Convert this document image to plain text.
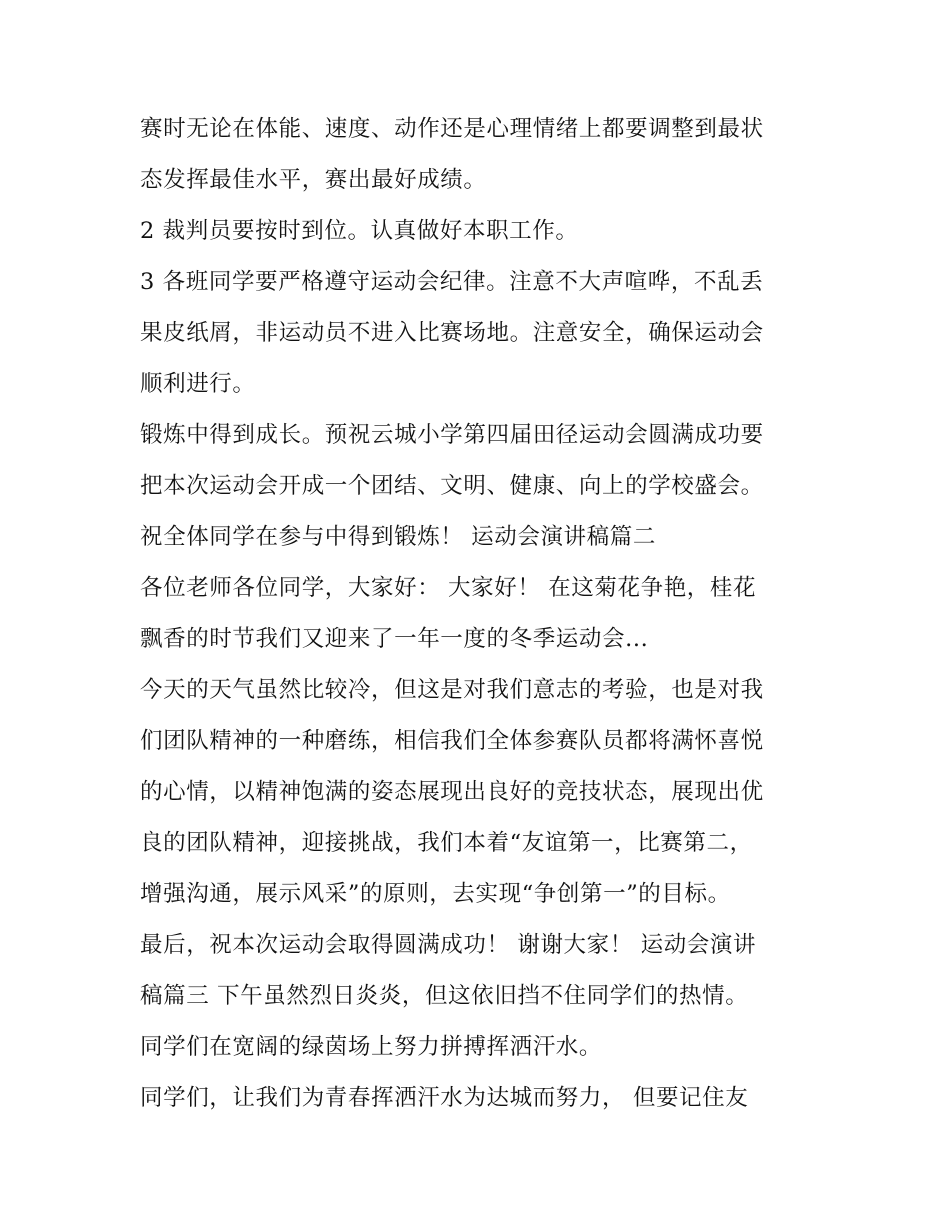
赛时无论在体能、速度、动作还是心理情绪上都要调整到最状
态发挥最佳水平，赛出最好成绩。
2 裁判员要按时到位。认真做好本职工作。
3 各班同学要严格遵守运动会纪律。注意不大声喧哗，不乱丢
果皮纸屑，非运动员不进入比赛场地。注意安全，确保运动会
顺利进行。
锻炼中得到成长。预祝云城小学第四届田径运动会圆满成功要
把本次运动会开成一个团结、文明、健康、向上的学校盛会。
祝全体同学在参与中得到锻炼！ 运动会演讲稿篇二
各位老师各位同学，大家好： 大家好！ 在这菊花争艳，桂花
飘香的时节我们又迎来了一年一度的冬季运动会...
今天的天气虽然比较冷，但这是对我们意志的考验，也是对我
们团队精神的一种磨练，相信我们全体参赛队员都将满怀喜悦
的心情，以精神饱满的姿态展现出良好的竞技状态，展现出优
良的团队精神，迎接挑战，我们本着“友谊第一，比赛第二，
增强沟通，展示风采”的原则，去实现“争创第一”的目标。
最后，祝本次运动会取得圆满成功！ 谢谢大家！ 运动会演讲
稿篇三 下午虽然烈日炎炎，但这依旧挡不住同学们的热情。
同学们在宽阔的绿茵场上努力拼搏挥洒汗水。
同学们，让我们为青春挥洒汗水为达城而努力， 但要记住友
